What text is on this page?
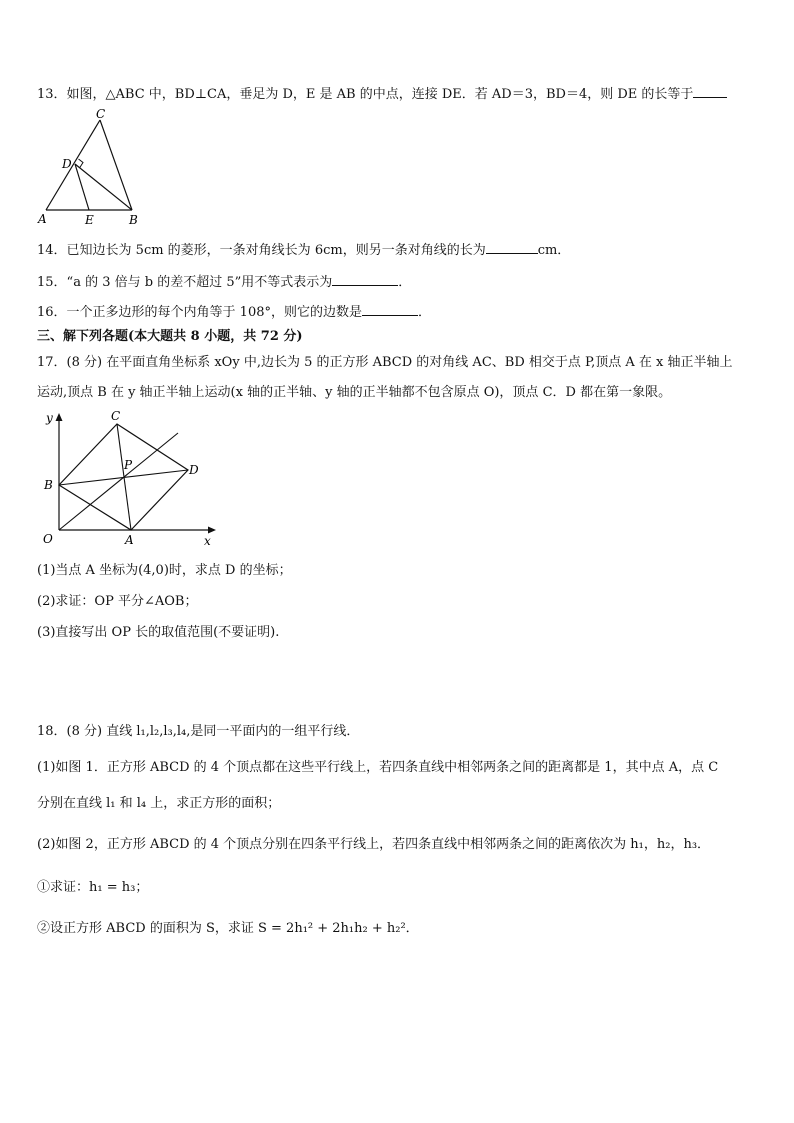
13．如图，△ABC 中，BD⊥CA，垂足为 D，E 是 AB 的中点，连接 DE．若 AD＝3，BD＝4，则 DE 的长等于
C
D
A	E	B
14．已知边长为 5cm 的菱形，一条对角线长为 6cm，则另一条对角线的长为	cm．
15．“a 的 3 倍与 b 的差不超过 5”用不等式表示为	．
16．一个正多边形的每个内角等于 108°，则它的边数是	．
三、解下列各题(本大题共 8 小题，共 72 分)
17．(8 分) 在平面直角坐标系 xOy 中,边长为 5 的正方形 ABCD 的对角线 AC、BD 相交于点 P,顶点 A 在 x 轴正半轴上
运动,顶点 B 在 y 轴正半轴上运动(x 轴的正半轴、y 轴的正半轴都不包含原点 O)，顶点 C．D 都在第一象限。
y
x
O	A
B
C
D
P
(1)当点 A 坐标为(4,0)时，求点 D 的坐标；
(2)求证：OP 平分∠AOB；
(3)直接写出 OP 长的取值范围(不要证明).
18．(8 分) 直线 l₁,l₂,l₃,l₄,是同一平面内的一组平行线．
(1)如图 1．正方形 ABCD 的 4 个顶点都在这些平行线上，若四条直线中相邻两条之间的距离都是 1，其中点 A，点 C
分别在直线 l₁ 和 l₄ 上，求正方形的面积；
(2)如图 2，正方形 ABCD 的 4 个顶点分别在四条平行线上，若四条直线中相邻两条之间的距离依次为 h₁，h₂，h₃．
①求证：h₁ = h₃；
②设正方形 ABCD 的面积为 S，求证 S = 2h₁² + 2h₁h₂ + h₂²．
